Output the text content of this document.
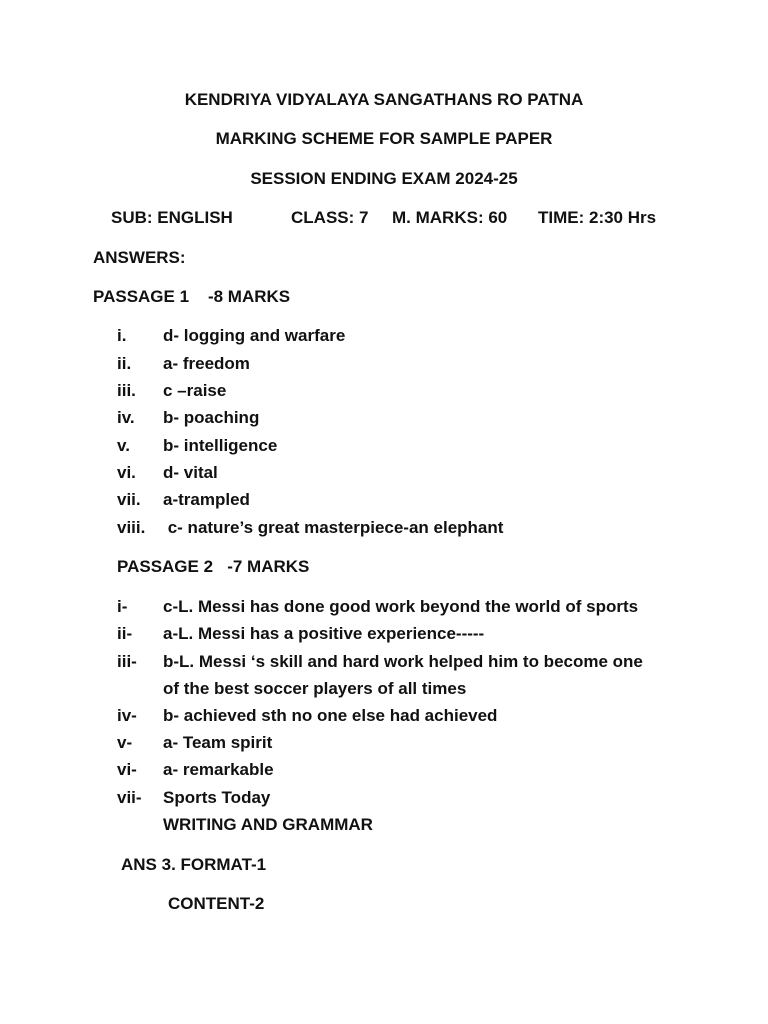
KENDRIYA VIDYALAYA SANGATHANS RO PATNA
MARKING SCHEME FOR SAMPLE PAPER
SESSION ENDING EXAM 2024-25
SUB: ENGLISH	CLASS: 7 M. MARKS: 60 TIME: 2:30 Hrs
ANSWERS:
PASSAGE 1    -8 MARKS
i. d- logging and warfare
ii. a- freedom
iii. c –raise
iv. b- poaching
v. b- intelligence
vi. d- vital
vii. a-trampled
viii. c- nature’s great masterpiece-an elephant
PASSAGE 2   -7 MARKS
i- c-L. Messi has done good work beyond the world of sports
ii- a-L. Messi has a positive experience-----
iii- b-L. Messi ‘s skill and hard work helped him to become one
of the best soccer players of all times
iv- b- achieved sth no one else had achieved
v- a- Team spirit
vi- a- remarkable
vii- Sports Today
WRITING AND GRAMMAR
ANS 3. FORMAT-1
CONTENT-2
